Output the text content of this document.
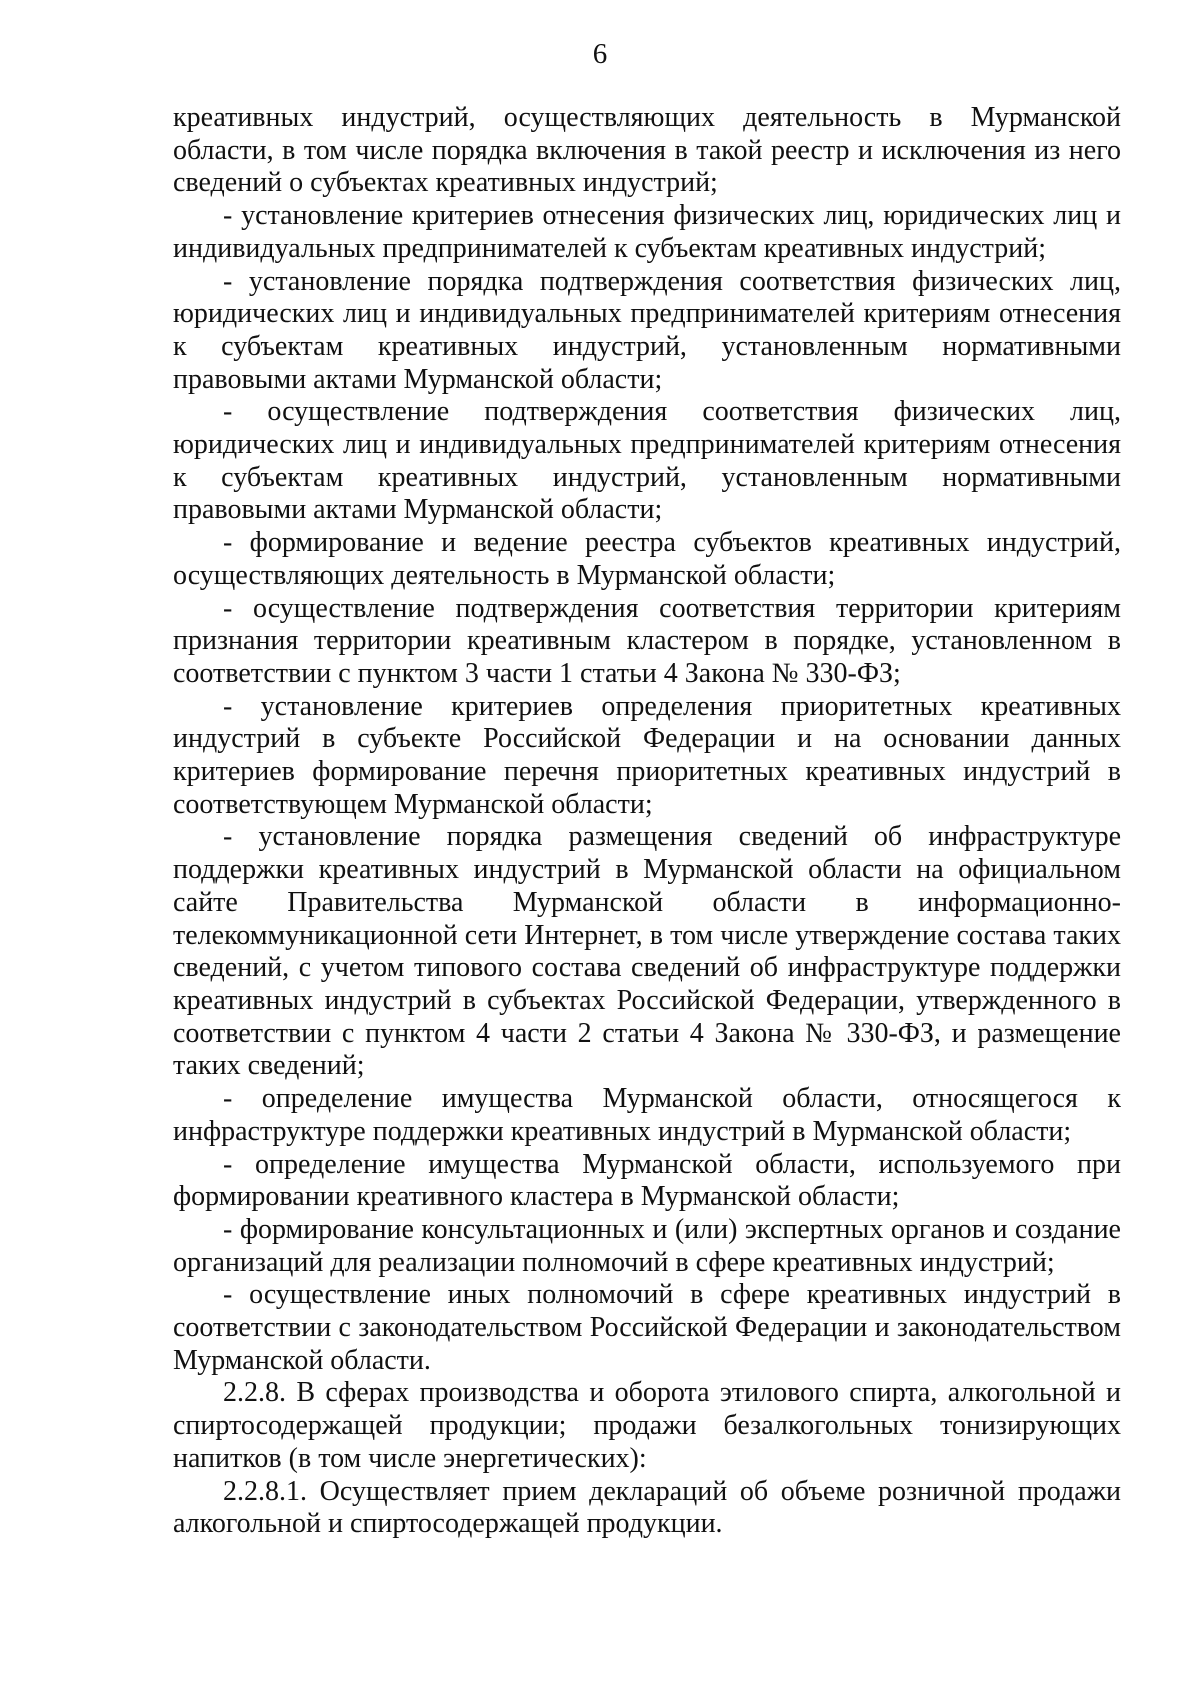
6

креативных индустрий, осуществляющих деятельность в Мурманской области, в том числе порядка включения в такой реестр и исключения из него сведений о субъектах креативных индустрий;

- установление критериев отнесения физических лиц, юридических лиц и индивидуальных предпринимателей к субъектам креативных индустрий;

- установление порядка подтверждения соответствия физических лиц, юридических лиц и индивидуальных предпринимателей критериям отнесения к субъектам креативных индустрий, установленным нормативными правовыми актами Мурманской области;

- осуществление подтверждения соответствия физических лиц, юридических лиц и индивидуальных предпринимателей критериям отнесения к субъектам креативных индустрий, установленным нормативными правовыми актами Мурманской области;

- формирование и ведение реестра субъектов креативных индустрий, осуществляющих деятельность в Мурманской области;

- осуществление подтверждения соответствия территории критериям признания территории креативным кластером в порядке, установленном в соответствии с пунктом 3 части 1 статьи 4 Закона № 330-ФЗ;

- установление критериев определения приоритетных креативных индустрий в субъекте Российской Федерации и на основании данных критериев формирование перечня приоритетных креативных индустрий в соответствующем Мурманской области;

- установление порядка размещения сведений об инфраструктуре поддержки креативных индустрий в Мурманской области на официальном сайте Правительства Мурманской области в информационно-телекоммуникационной сети Интернет, в том числе утверждение состава таких сведений, с учетом типового состава сведений об инфраструктуре поддержки креативных индустрий в субъектах Российской Федерации, утвержденного в соответствии с пунктом 4 части 2 статьи 4 Закона № 330-ФЗ, и размещение таких сведений;

- определение имущества Мурманской области, относящегося к инфраструктуре поддержки креативных индустрий в Мурманской области;

- определение имущества Мурманской области, используемого при формировании креативного кластера в Мурманской области;

- формирование консультационных и (или) экспертных органов и создание организаций для реализации полномочий в сфере креативных индустрий;

- осуществление иных полномочий в сфере креативных индустрий в соответствии с законодательством Российской Федерации и законодательством Мурманской области.

2.2.8. В сферах производства и оборота этилового спирта, алкогольной и спиртосодержащей продукции; продажи безалкогольных тонизирующих напитков (в том числе энергетических):

2.2.8.1. Осуществляет прием деклараций об объеме розничной продажи алкогольной и спиртосодержащей продукции.
